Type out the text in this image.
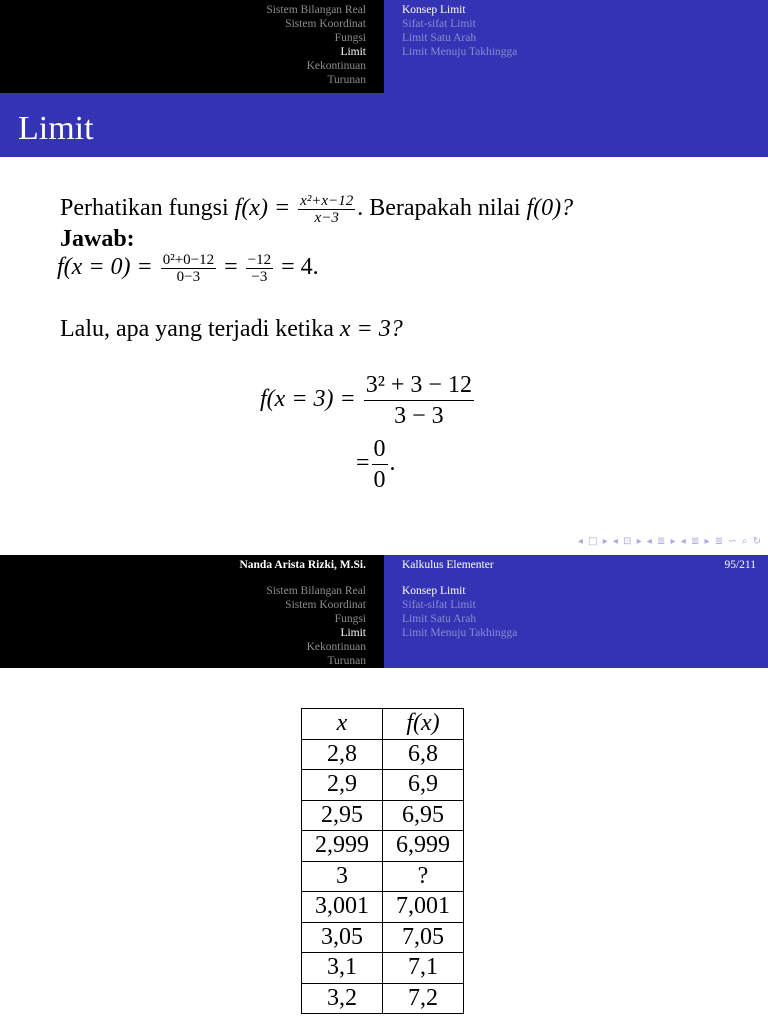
Sistem Bilangan Real
Sistem Koordinat
Fungsi
Limit
Kekontinuan
Turunan
Konsep Limit
Sifat-sifat Limit
Limit Satu Arah
Limit Menuju Takhingga
Limit
Perhatikan fungsi $f(x) = \frac{\text{x²+x−12}}{x-3}$ . Berapakah nilai f(0)?
Jawab:
$f(x = 0) = \frac{\text{0²+0−12}}{0-3} = \frac{-12}{-3} = 4$.
Lalu, apa yang terjadi ketika x = 3?
$f(x = 3) = \frac{\text{3² + 3 − 12}}{3 - 3}$
= $\frac{0}{0}$ .
◂ □ ▸ ◂ ⊡ ▸ ◂ ≣ ▸ ◂ ≣ ▸ ≣ ∽ ⌕ ↻
Nanda Arista Rizki, M.Si.	Kalkulus Elementer	95/211
Sistem Bilangan Real
Sistem Koordinat
Fungsi
Limit
Kekontinuan
Turunan
Konsep Limit
Sifat-sifat Limit
Limit Satu Arah
Limit Menuju Takhingga
x	f(x)
2,8	6,8
2,9	6,9
2,95	6,95
2,999	6,999
3	?
3,001	7,001
3,05	7,05
3,1	7,1
3,2	7,2
